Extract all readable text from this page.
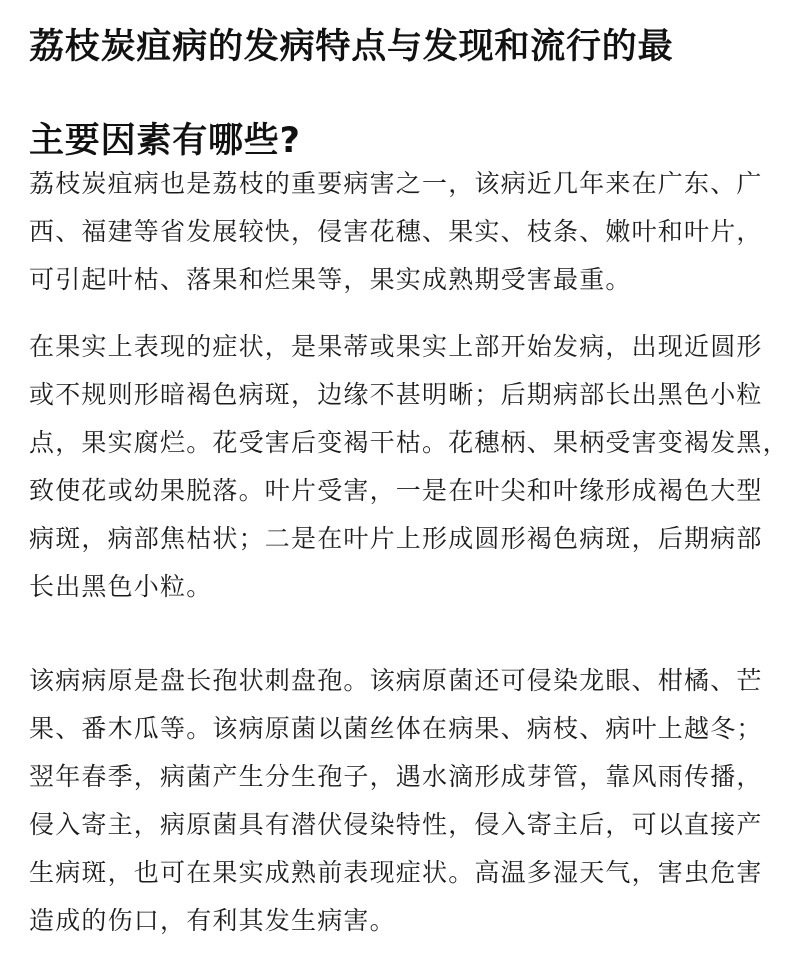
荔枝炭疽病的发病特点与发现和流行的最
主要因素有哪些?
荔枝炭疽病也是荔枝的重要病害之一，该病近几年来在广东、广
西、福建等省发展较快，侵害花穗、果实、枝条、嫩叶和叶片，
可引起叶枯、落果和烂果等，果实成熟期受害最重。
在果实上表现的症状，是果蒂或果实上部开始发病，出现近圆形
或不规则形暗褐色病斑，边缘不甚明晰；后期病部长出黑色小粒
点，果实腐烂。花受害后变褐干枯。花穗柄、果柄受害变褐发黑，
致使花或幼果脱落。叶片受害，一是在叶尖和叶缘形成褐色大型
病斑，病部焦枯状；二是在叶片上形成圆形褐色病斑，后期病部
长出黑色小粒。
该病病原是盘长孢状刺盘孢。该病原菌还可侵染龙眼、柑橘、芒
果、番木瓜等。该病原菌以菌丝体在病果、病枝、病叶上越冬；
翌年春季，病菌产生分生孢子，遇水滴形成芽管，靠风雨传播，
侵入寄主，病原菌具有潜伏侵染特性，侵入寄主后，可以直接产
生病斑，也可在果实成熟前表现症状。高温多湿天气，害虫危害
造成的伤口，有利其发生病害。
